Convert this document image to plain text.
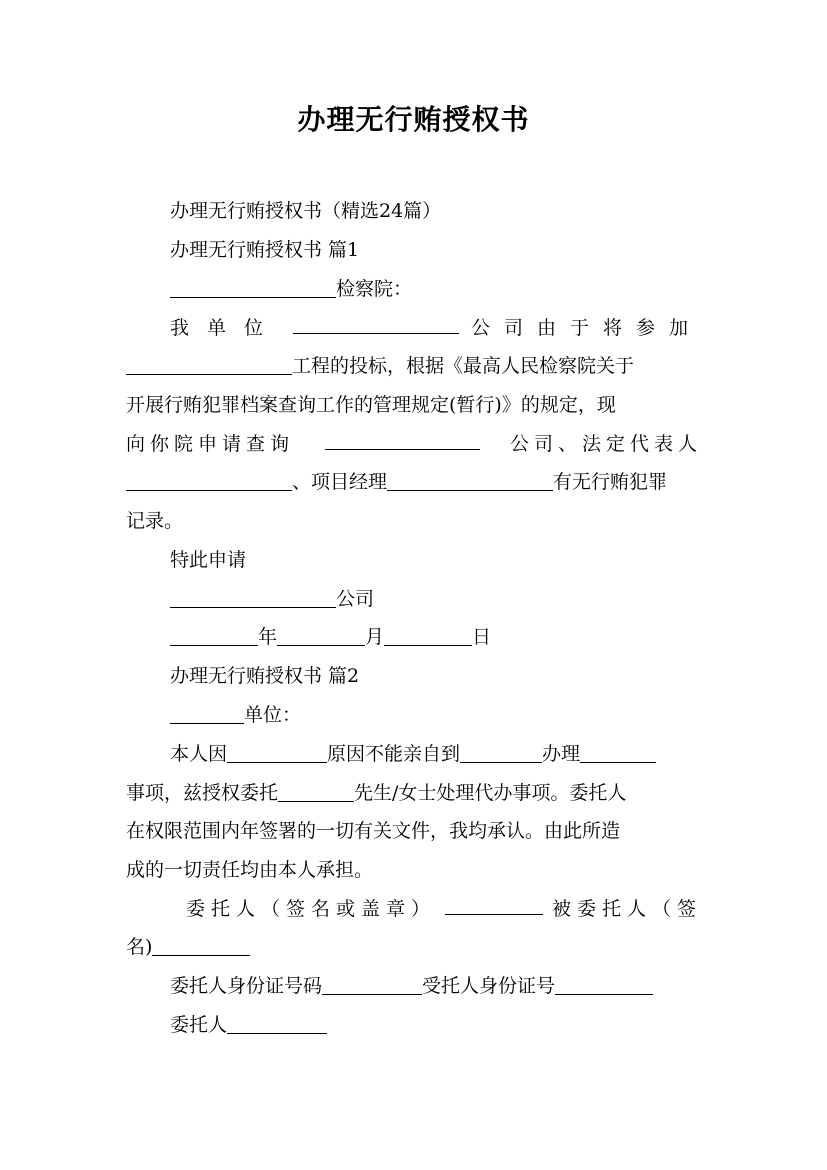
办理无行贿授权书
办理无行贿授权书（精选24篇）
办理无行贿授权书 篇1
检察院：
我单位	公司由于将参加
工程的投标，根据《最高人民检察院关于
开展行贿犯罪档案查询工作的管理规定(暂行)》的规定，现
向你院申请查询	公司、法定代表人
、项目经理	有无行贿犯罪
记录。
特此申请
公司
年	月	日
办理无行贿授权书 篇2
单位：
本人因	原因不能亲自到	办理
事项，兹授权委托	先生/女士处理代办事项。委托人
在权限范围内年签署的一切有关文件，我均承认。由此所造
成的一切责任均由本人承担。
委托人（签名或盖章）	被委托人（签
名)
委托人身份证号码	受托人身份证号
委托人
